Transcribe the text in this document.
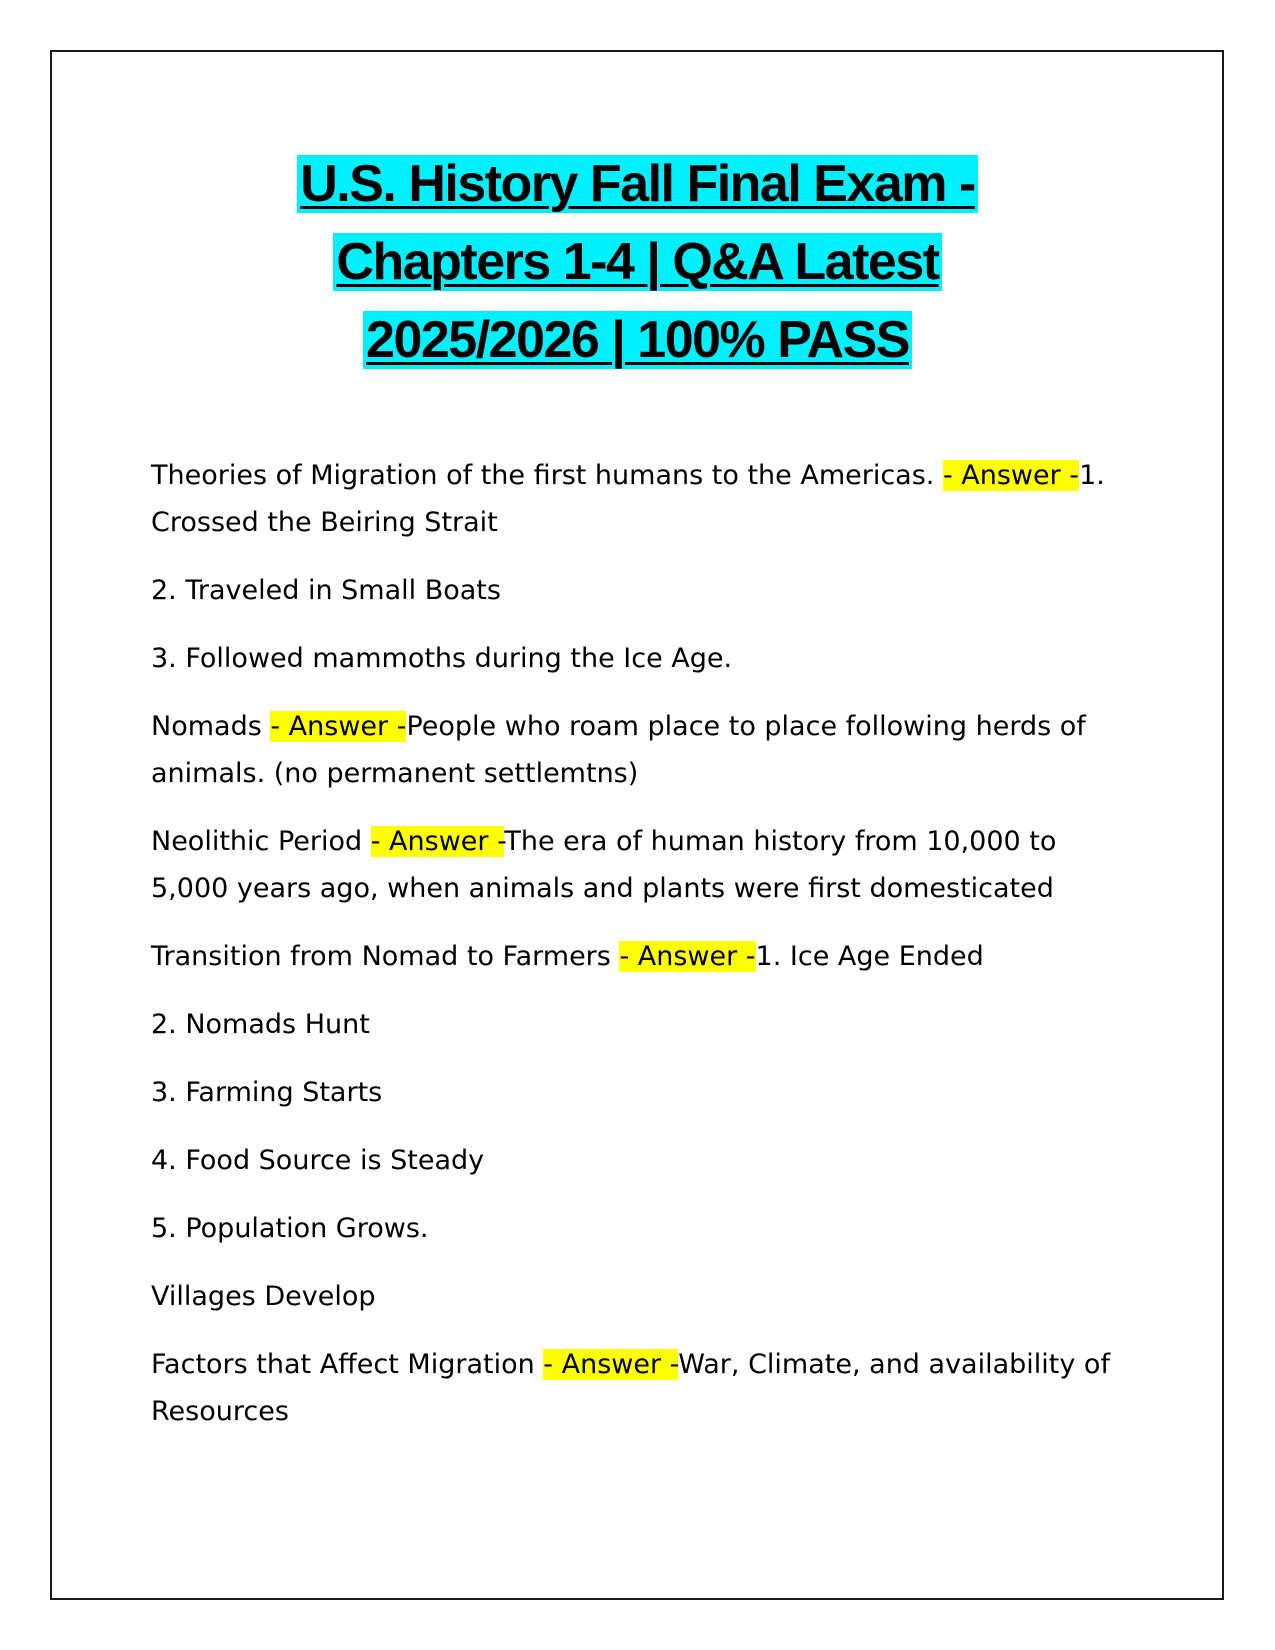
U.S. History Fall Final Exam -
Chapters 1-4 | Q&A Latest
2025/2026 | 100% PASS

Theories of Migration of the first humans to the Americas. - Answer -1. Crossed the Beiring Strait

2. Traveled in Small Boats

3. Followed mammoths during the Ice Age.

Nomads - Answer -People who roam place to place following herds of animals. (no permanent settlemtns)

Neolithic Period - Answer -The era of human history from 10,000 to 5,000 years ago, when animals and plants were first domesticated

Transition from Nomad to Farmers - Answer -1. Ice Age Ended

2. Nomads Hunt

3. Farming Starts

4. Food Source is Steady

5. Population Grows.

Villages Develop

Factors that Affect Migration - Answer -War, Climate, and availability of Resources
